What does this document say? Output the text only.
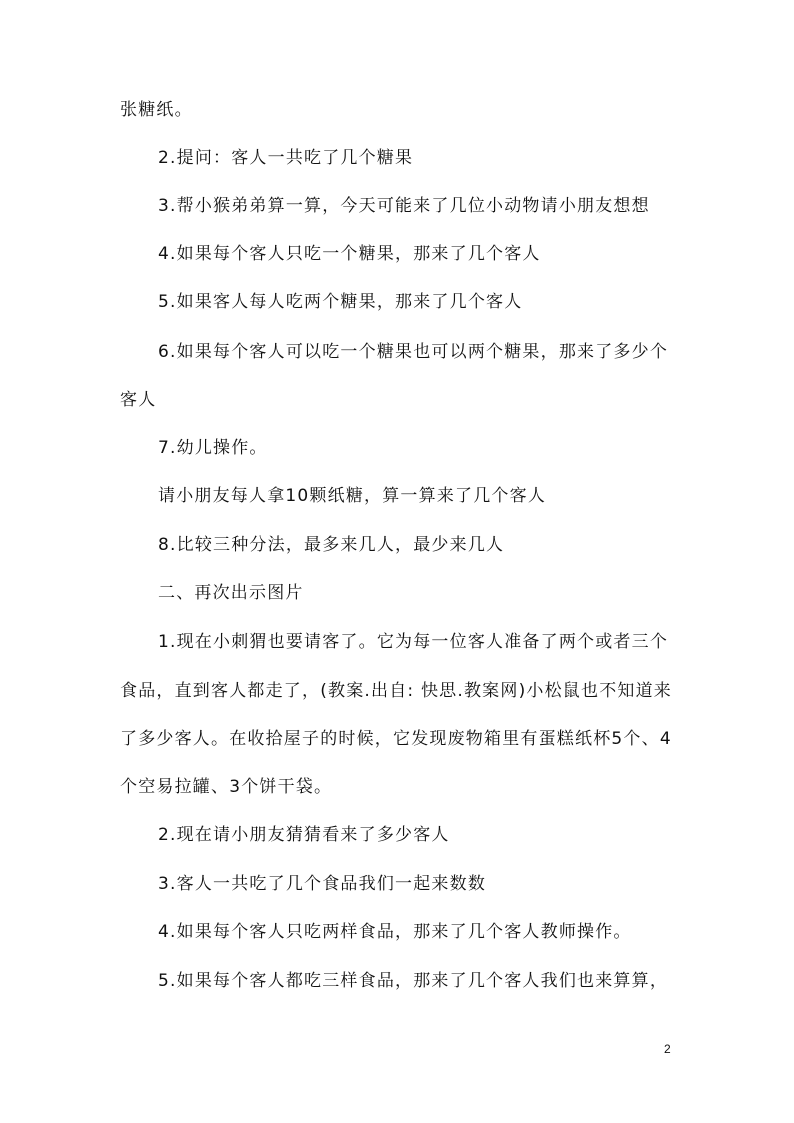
张糖纸。
2.提问：客人一共吃了几个糖果
3.帮小猴弟弟算一算，今天可能来了几位小动物请小朋友想想
4.如果每个客人只吃一个糖果，那来了几个客人
5.如果客人每人吃两个糖果，那来了几个客人
6.如果每个客人可以吃一个糖果也可以两个糖果，那来了多少个
客人
7.幼儿操作。
请小朋友每人拿10颗纸糖，算一算来了几个客人
8.比较三种分法，最多来几人，最少来几人
二、再次出示图片
1.现在小刺猬也要请客了。它为每一位客人准备了两个或者三个
食品，直到客人都走了，(教案.出自: 快思.教案网)小松鼠也不知道来
了多少客人。在收拾屋子的时候，它发现废物箱里有蛋糕纸杯5个、4
个空易拉罐、3个饼干袋。
2.现在请小朋友猜猜看来了多少客人
3.客人一共吃了几个食品我们一起来数数
4.如果每个客人只吃两样食品，那来了几个客人教师操作。
5.如果每个客人都吃三样食品，那来了几个客人我们也来算算，
2
